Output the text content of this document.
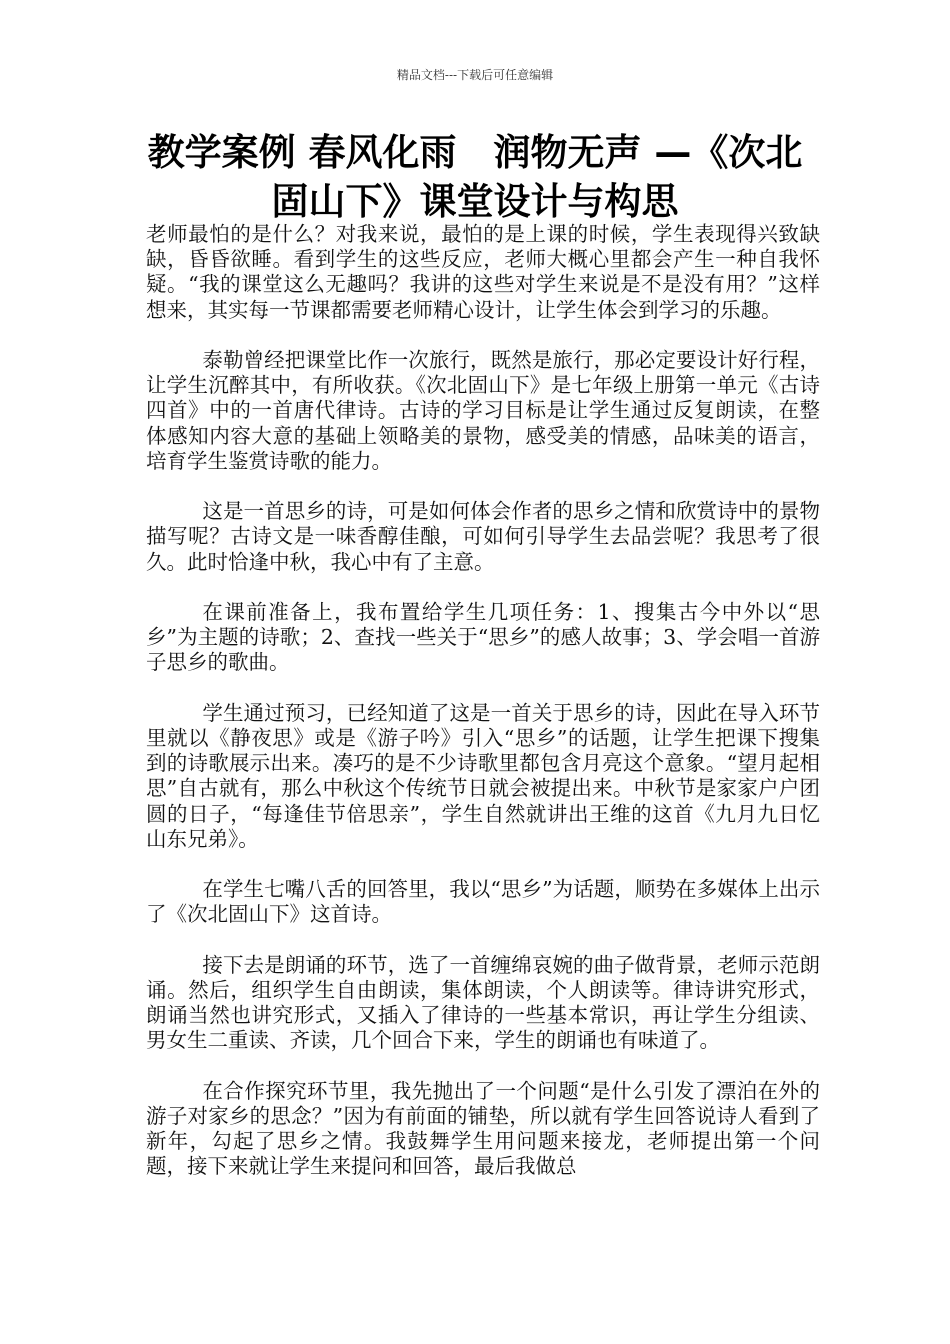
精品文档---下载后可任意编辑
教学案例 春风化雨　润物无声 —《次北固山下》课堂设计与构思

老师最怕的是什么？对我来说，最怕的是上课的时候，学生表现得兴致缺缺，昏昏欲睡。看到学生的这些反应，老师大概心里都会产生一种自我怀疑。“我的课堂这么无趣吗？我讲的这些对学生来说是不是没有用？”这样想来，其实每一节课都需要老师精心设计，让学生体会到学习的乐趣。

泰勒曾经把课堂比作一次旅行，既然是旅行，那必定要设计好行程，让学生沉醉其中，有所收获。《次北固山下》是七年级上册第一单元《古诗四首》中的一首唐代律诗。古诗的学习目标是让学生通过反复朗读，在整体感知内容大意的基础上领略美的景物，感受美的情感，品味美的语言，培育学生鉴赏诗歌的能力。

这是一首思乡的诗，可是如何体会作者的思乡之情和欣赏诗中的景物描写呢？古诗文是一味香醇佳酿，可如何引导学生去品尝呢？我思考了很久。此时恰逢中秋，我心中有了主意。

在课前准备上，我布置给学生几项任务：1、搜集古今中外以“思乡”为主题的诗歌；2、查找一些关于“思乡”的感人故事；3、学会唱一首游子思乡的歌曲。

学生通过预习，已经知道了这是一首关于思乡的诗，因此在导入环节里就以《静夜思》或是《游子吟》引入“思乡”的话题，让学生把课下搜集到的诗歌展示出来。凑巧的是不少诗歌里都包含月亮这个意象。“望月起相思”自古就有，那么中秋这个传统节日就会被提出来。中秋节是家家户户团圆的日子，“每逢佳节倍思亲”，学生自然就讲出王维的这首《九月九日忆山东兄弟》。

在学生七嘴八舌的回答里，我以“思乡”为话题，顺势在多媒体上出示了《次北固山下》这首诗。

接下去是朗诵的环节，选了一首缠绵哀婉的曲子做背景，老师示范朗诵。然后，组织学生自由朗读，集体朗读，个人朗读等。律诗讲究形式，朗诵当然也讲究形式，又插入了律诗的一些基本常识，再让学生分组读、男女生二重读、齐读，几个回合下来，学生的朗诵也有味道了。

在合作探究环节里，我先抛出了一个问题“是什么引发了漂泊在外的游子对家乡的思念？”因为有前面的铺垫，所以就有学生回答说诗人看到了新年，勾起了思乡之情。我鼓舞学生用问题来接龙，老师提出第一个问题，接下来就让学生来提问和回答，最后我做总
